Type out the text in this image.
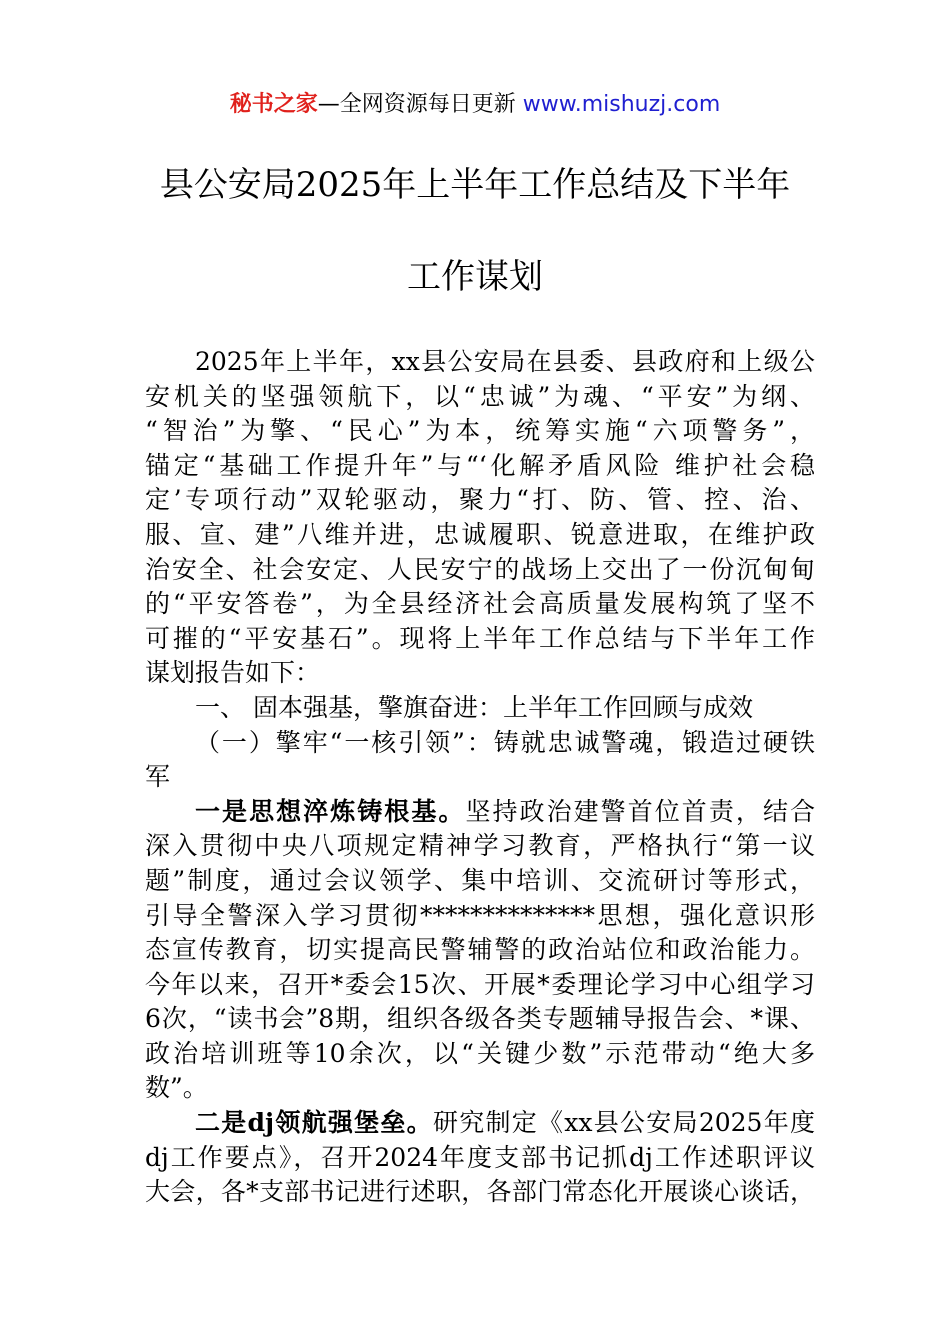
秘书之家—全网资源每日更新 www.mishuzj.com
县公安局2025年上半年工作总结及下半年
工作谋划
2025年上半年，xx县公安局在县委、县政府和上级公
安机关的坚强领航下，以“忠诚”为魂、“平安”为纲、
“智治”为擎、“民心”为本，统筹实施“六项警务”，
锚定“基础工作提升年”与“‘化解矛盾风险 维护社会稳
定’专项行动”双轮驱动，聚力“打、防、管、控、治、
服、宣、建”八维并进，忠诚履职、锐意进取，在维护政
治安全、社会安定、人民安宁的战场上交出了一份沉甸甸
的“平安答卷”，为全县经济社会高质量发展构筑了坚不
可摧的“平安基石”。现将上半年工作总结与下半年工作
谋划报告如下：
一、 固本强基，擎旗奋进：上半年工作回顾与成效
（一）擎牢“一核引领”：铸就忠诚警魂，锻造过硬铁
军
一是思想淬炼铸根基。坚持政治建警首位首责，结合
深入贯彻中央八项规定精神学习教育，严格执行“第一议
题”制度，通过会议领学、集中培训、交流研讨等形式，
引导全警深入学习贯彻**************思想，强化意识形
态宣传教育，切实提高民警辅警的政治站位和政治能力。
今年以来，召开*委会15次、开展*委理论学习中心组学习
6次，“读书会”8期，组织各级各类专题辅导报告会、*课、
政治培训班等10余次，以“关键少数”示范带动“绝大多
数”。
二是dj领航强堡垒。研究制定《xx县公安局2025年度
dj工作要点》，召开2024年度支部书记抓dj工作述职评议
大会，各*支部书记进行述职，各部门常态化开展谈心谈话，
